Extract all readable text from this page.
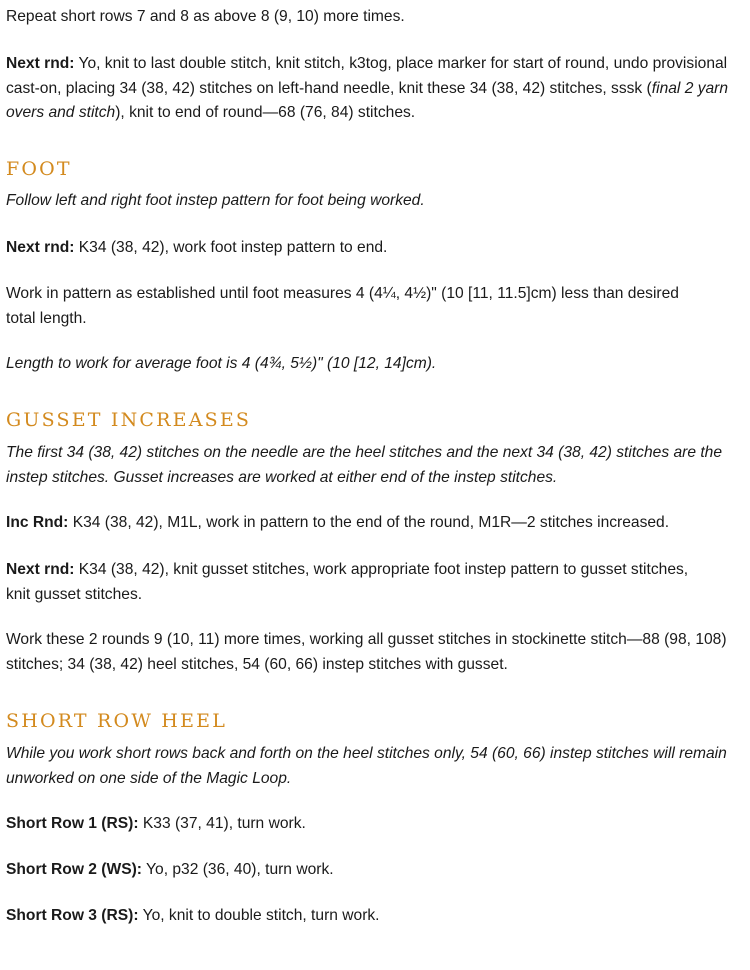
Repeat short rows 7 and 8 as above 8 (9, 10) more times.

Next rnd: Yo, knit to last double stitch, knit stitch, k3tog, place marker for start of round, undo provisional cast-on, placing 34 (38, 42) stitches on left-hand needle, knit these 34 (38, 42) stitches, sssk (final 2 yarn overs and stitch), knit to end of round—68 (76, 84) stitches.

FOOT

Follow left and right foot instep pattern for foot being worked.

Next rnd: K34 (38, 42), work foot instep pattern to end.

Work in pattern as established until foot measures 4 (4¼, 4½)" (10 [11, 11.5]cm) less than desired total length.

Length to work for average foot is 4 (4¾, 5½)" (10 [12, 14]cm).

GUSSET INCREASES

The first 34 (38, 42) stitches on the needle are the heel stitches and the next 34 (38, 42) stitches are the instep stitches. Gusset increases are worked at either end of the instep stitches.

Inc Rnd: K34 (38, 42), M1L, work in pattern to the end of the round, M1R—2 stitches increased.

Next rnd: K34 (38, 42), knit gusset stitches, work appropriate foot instep pattern to gusset stitches, knit gusset stitches.

Work these 2 rounds 9 (10, 11) more times, working all gusset stitches in stockinette stitch—88 (98, 108) stitches; 34 (38, 42) heel stitches, 54 (60, 66) instep stitches with gusset.

SHORT ROW HEEL

While you work short rows back and forth on the heel stitches only, 54 (60, 66) instep stitches will remain unworked on one side of the Magic Loop.

Short Row 1 (RS): K33 (37, 41), turn work.

Short Row 2 (WS): Yo, p32 (36, 40), turn work.

Short Row 3 (RS): Yo, knit to double stitch, turn work.
